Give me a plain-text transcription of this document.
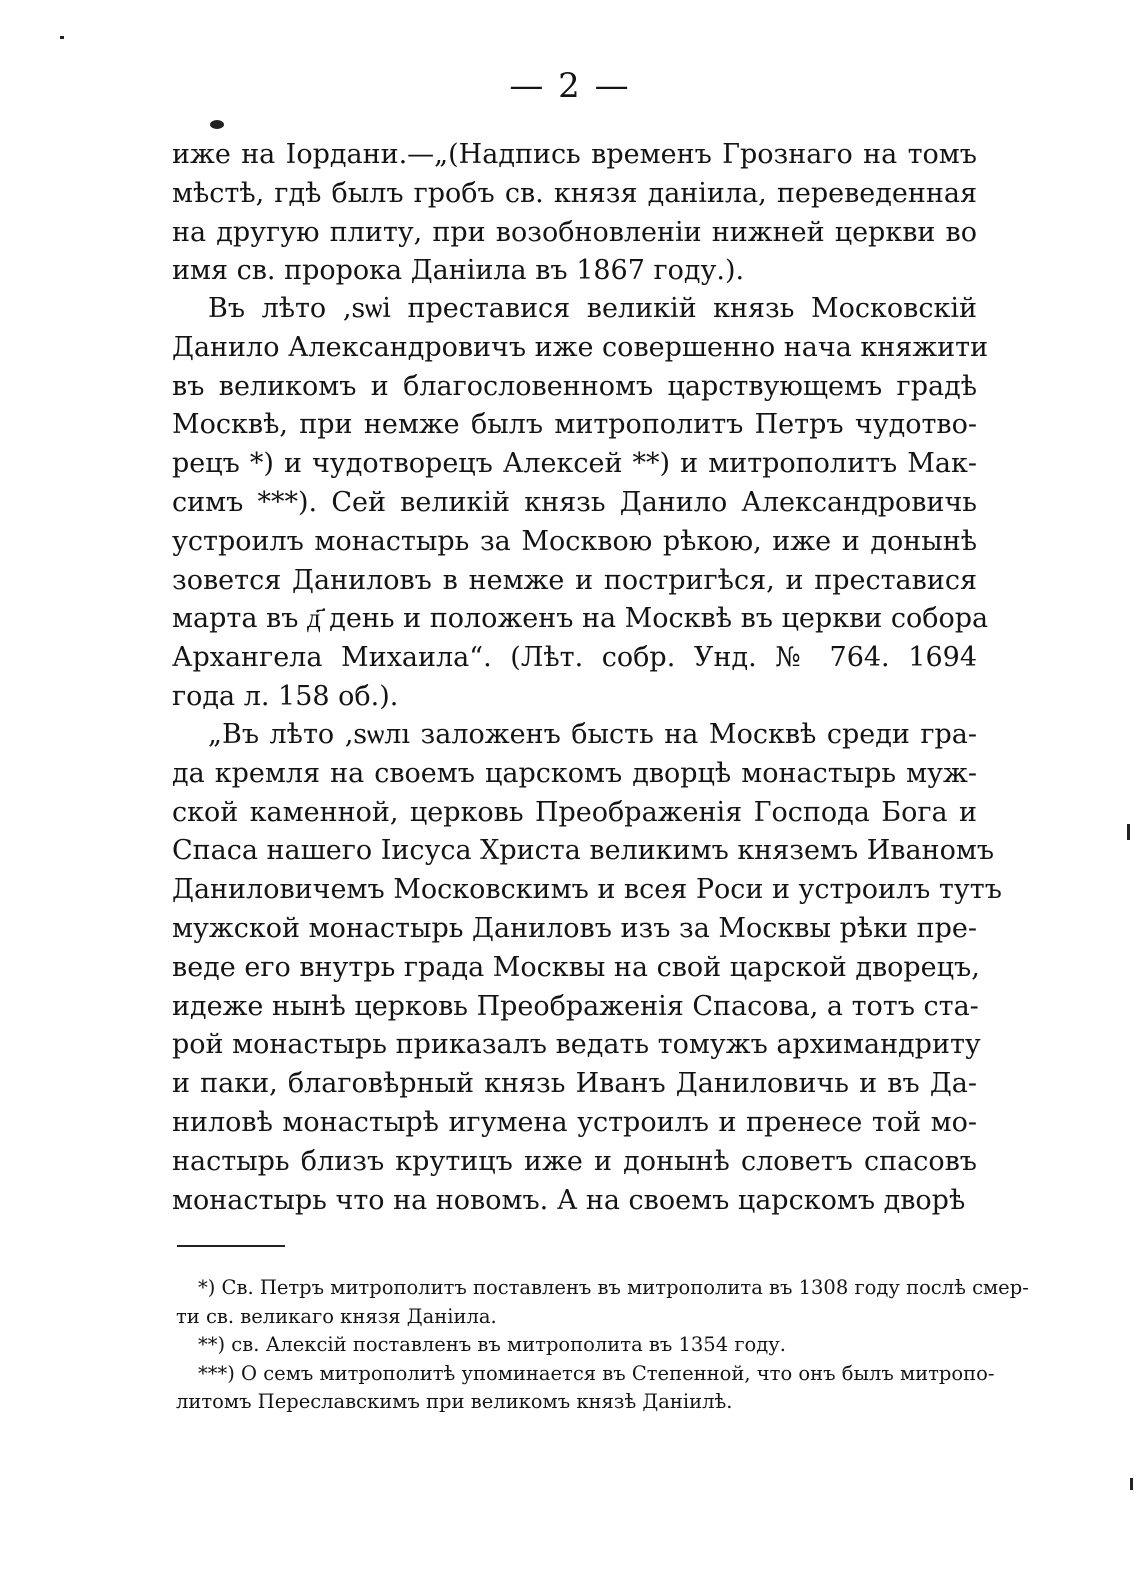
— 2 —

иже на Іордани.—„(Надпись временъ Грознаго на томъ
мѣстѣ, гдѣ былъ гробъ св. князя данiила, переведенная
на другую плиту, при возобновленiи нижней церкви во
имя св. пророка Даніила въ 1867 году.).

Въ лѣто ‚ѕѡі преставися великiй князь Московскiй
Данило Александровичъ иже совершенно нача княжити
въ великомъ и благословенномъ царствующемъ градѣ
Москвѣ, при немже былъ митрополитъ Петръ чудотво-
рецъ *) и чудотворецъ Алексей **) и митрополитъ Мак-
симъ ***). Сей великiй князь Данило Александровичь
устроилъ монастырь за Москвою рѣкою, иже и донынѣ
зовется Даниловъ в немже и постригѣся, и преставися
марта въ д҃ день и положенъ на Москвѣ въ церкви собора
Архангела Михаила“. (Лѣт. собр. Унд. № 764. 1694
года л. 158 об.).

„Въ лѣто ‚ѕѡлı заложенъ бысть на Москвѣ среди гра-
да кремля на своемъ царскомъ дворцѣ монастырь муж-
ской каменной, церковь Преображенiя Господа Бога и
Спаса нашего Іисуса Христа великимъ княземъ Иваномъ
Даниловичемъ Московскимъ и всея Роси и устроилъ тутъ
мужской монастырь Даниловъ изъ за Москвы рѣки пре-
веде его внутрь града Москвы на свой царской дворецъ,
идеже нынѣ церковь Преображенiя Спасова, а тотъ ста-
рой монастырь приказалъ ведать томужъ архимандриту
и паки, благовѣрный князь Иванъ Даниловичь и въ Да-
ниловѣ монастырѣ игумена устроилъ и пренесе той мо-
настырь близъ крутицъ иже и донынѣ словетъ спасовъ
монастырь что на новомъ. А на своемъ царскомъ дворѣ

*) Св. Петръ митрополитъ поставленъ въ митрополита въ 1308 году послѣ смер-
ти св. великаго князя Даніила.
**) св. Алексiй поставленъ въ митрополита въ 1354 году.
***) О семъ митрополитѣ упоминается въ Степенной, что онъ былъ митропо-
литомъ Переславскимъ при великомъ князѣ Даніилѣ.
